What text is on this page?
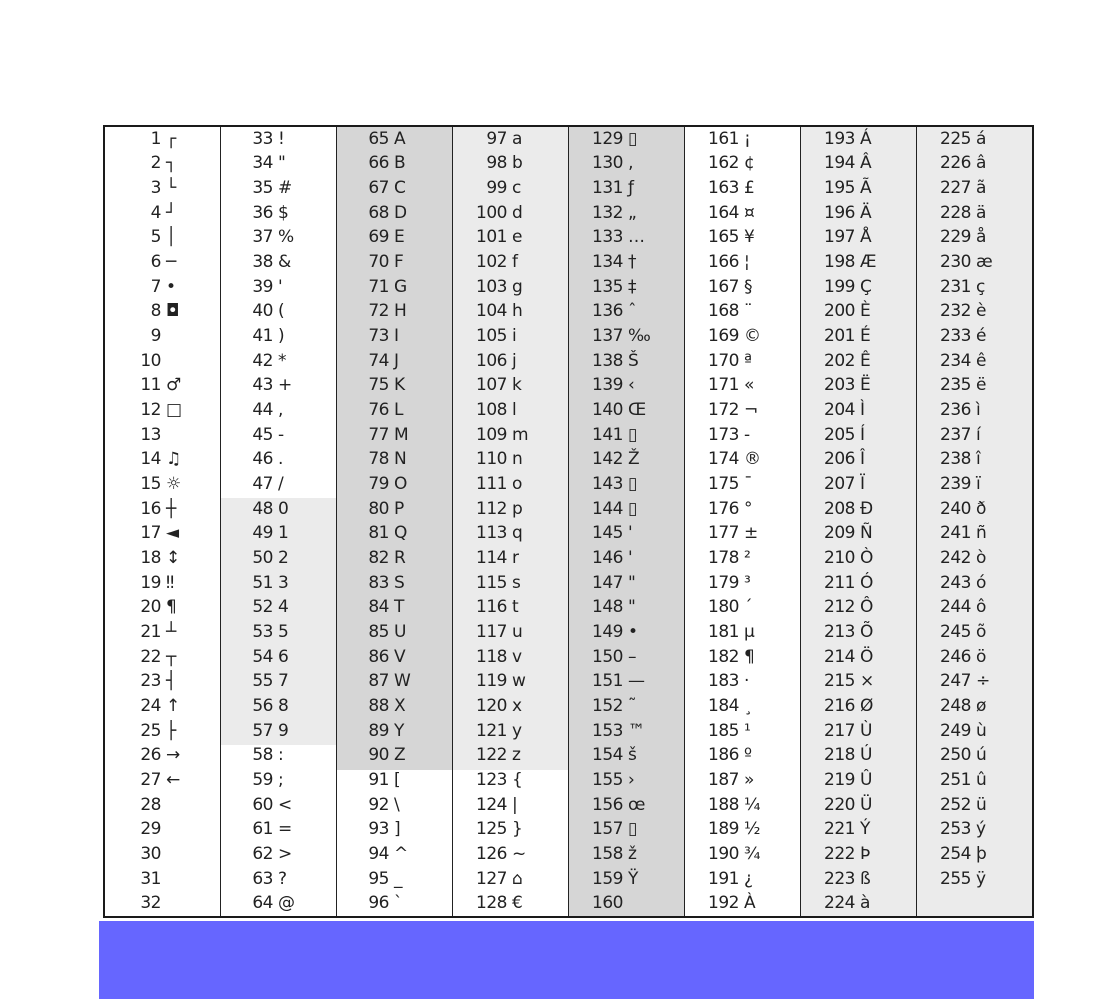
1 ┌
2 ┐
3 └
4 ┘
5 │
6 ─
7 •
8 ◘
9
10
11 ♂
12 □
13
14 ♫
15 ☼
16 ┼
17 ◄
18 ↕
19 ‼
20 ¶
21 ┴
22 ┬
23 ┤
24 ↑
25 ├
26 →
27 ←
28
29
30
31
32
33 !
34 "
35 #
36 $
37 %
38 &
39 '
40 (
41 )
42 *
43 +
44 ,
45 -
46 .
47 /
48 0
49 1
50 2
51 3
52 4
53 5
54 6
55 7
56 8
57 9
58 :
59 ;
60 <
61 =
62 >
63 ?
64 @
65 A
66 B
67 C
68 D
69 E
70 F
71 G
72 H
73 I
74 J
75 K
76 L
77 M
78 N
79 O
80 P
81 Q
82 R
83 S
84 T
85 U
86 V
87 W
88 X
89 Y
90 Z
91 [
92 \
93 ]
94 ^
95 _
96 `
97 a
98 b
99 c
100 d
101 e
102 f
103 g
104 h
105 i
106 j
107 k
108 l
109 m
110 n
111 o
112 p
113 q
114 r
115 s
116 t
117 u
118 v
119 w
120 x
121 y
122 z
123 {
124 |
125 }
126 ~
127 ⌂
128 €
129 ▯
130 ‚
131 ƒ
132 „
133 …
134 †
135 ‡
136 ˆ
137 ‰
138 Š
139 ‹
140 Œ
141 ▯
142 Ž
143 ▯
144 ▯
145 '
146 '
147 "
148 "
149 •
150 –
151 —
152 ˜
153 ™
154 š
155 ›
156 œ
157 ▯
158 ž
159 Ÿ
160
161 ¡
162 ¢
163 £
164 ¤
165 ¥
166 ¦
167 §
168 ¨
169 ©
170 ª
171 «
172 ¬
173 -
174 ®
175 ¯
176 °
177 ±
178 ²
179 ³
180 ´
181 µ
182 ¶
183 ·
184 ¸
185 ¹
186 º
187 »
188 ¼
189 ½
190 ¾
191 ¿
192 À
193 Á
194 Â
195 Ã
196 Ä
197 Å
198 Æ
199 Ç
200 È
201 É
202 Ê
203 Ë
204 Ì
205 Í
206 Î
207 Ï
208 Ð
209 Ñ
210 Ò
211 Ó
212 Ô
213 Õ
214 Ö
215 ×
216 Ø
217 Ù
218 Ú
219 Û
220 Ü
221 Ý
222 Þ
223 ß
224 à
225 á
226 â
227 ã
228 ä
229 å
230 æ
231 ç
232 è
233 é
234 ê
235 ë
236 ì
237 í
238 î
239 ï
240 ð
241 ñ
242 ò
243 ó
244 ô
245 õ
246 ö
247 ÷
248 ø
249 ù
250 ú
251 û
252 ü
253 ý
254 þ
255 ÿ
